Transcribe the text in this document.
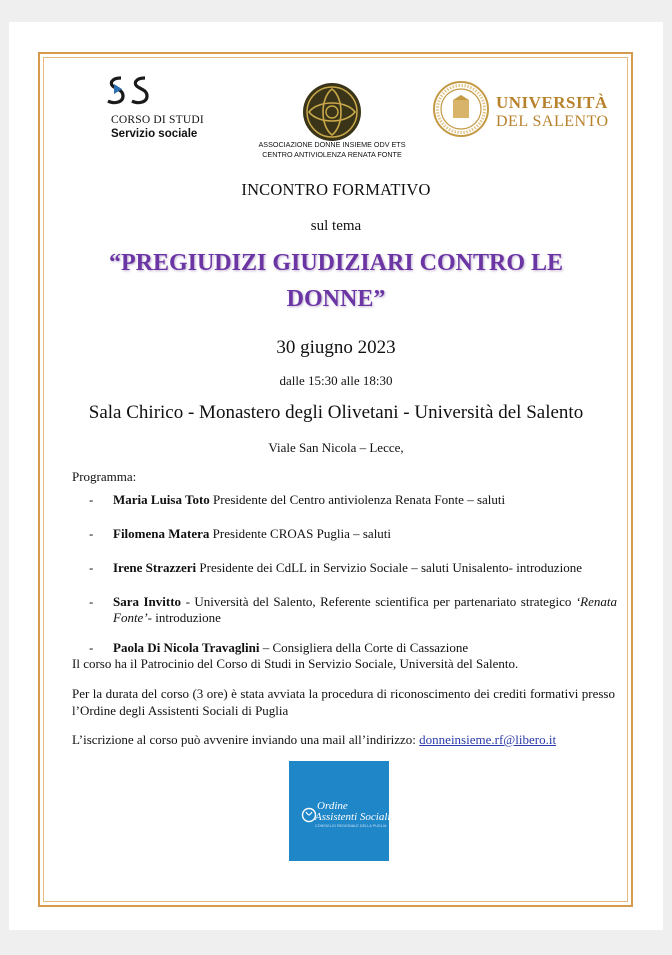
CORSO DI STUDI
Servizio sociale
ASSOCIAZIONE DONNE INSIEME ODV ETS
CENTRO ANTIVIOLENZA RENATA FONTE
UNIVERSITÀ
DEL SALENTO
INCONTRO FORMATIVO
sul tema
“PREGIUDIZI GIUDIZIARI CONTRO LE
DONNE”
30 giugno 2023
dalle 15:30 alle 18:30
Sala Chirico - Monastero degli Olivetani - Università del Salento
Viale San Nicola – Lecce,
Programma:
- Maria Luisa Toto Presidente del Centro antiviolenza Renata Fonte – saluti
- Filomena Matera Presidente CROAS Puglia – saluti
- Irene Strazzeri Presidente dei CdLL in Servizio Sociale – saluti Unisalento- introduzione
- Sara Invitto - Università del Salento, Referente scientifica per partenariato strategico ‘Renata Fonte’- introduzione
- Paola Di Nicola Travaglini – Consigliera della Corte di Cassazione
Il corso ha il Patrocinio del Corso di Studi in Servizio Sociale, Università del Salento.
Per la durata del corso (3 ore) è stata avviata la procedura di riconoscimento dei crediti formativi presso l’Ordine degli Assistenti Sociali di Puglia
L’iscrizione al corso può avvenire inviando una mail all’indirizzo: donneinsieme.rf@libero.it
Ordine
Assistenti Sociali
CONSIGLIO REGIONALE DELLA PUGLIA
